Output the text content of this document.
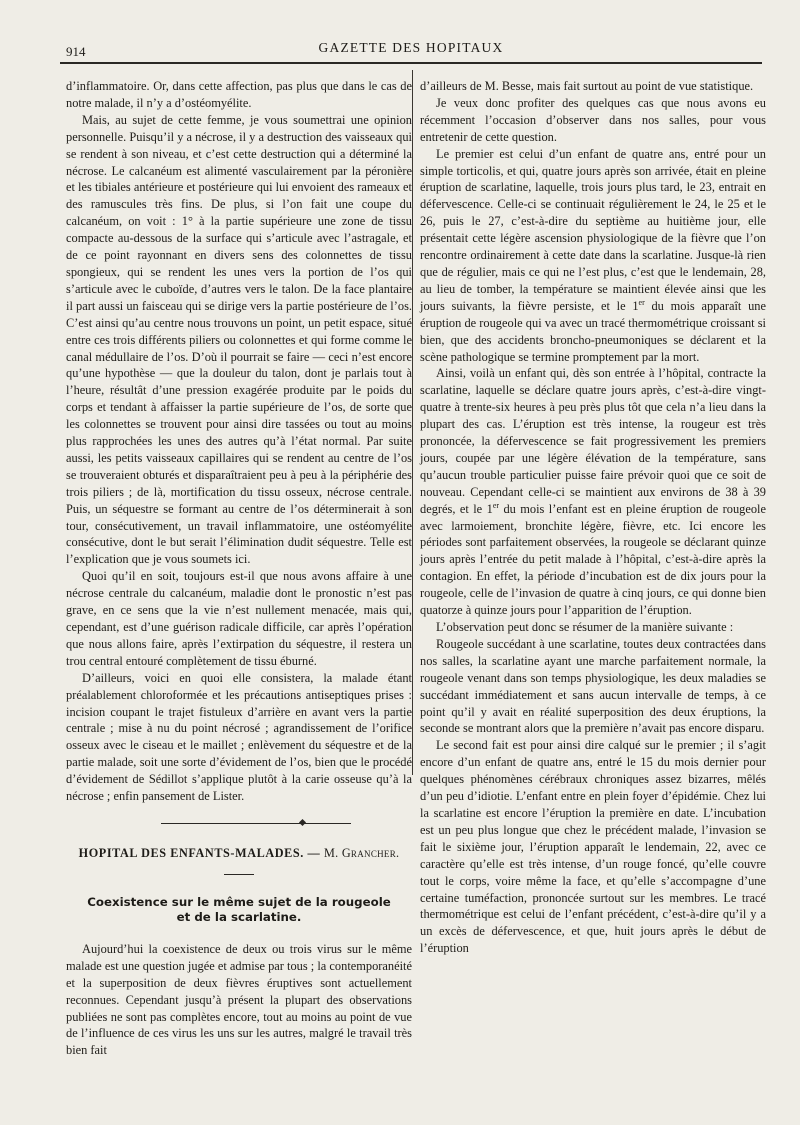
914	GAZETTE DES HOPITAUX

d’inflammatoire. Or, dans cette affection, pas plus que dans le cas de notre malade, il n’y a d’ostéomyélite.

Mais, au sujet de cette femme, je vous soumettrai une opinion personnelle. Puisqu’il y a nécrose, il y a destruction des vaisseaux qui se rendent à son niveau, et c’est cette destruction qui a déterminé la nécrose. Le calcanéum est alimenté vasculairement par la péronière et les tibiales antérieure et postérieure qui lui envoient des rameaux et des ramuscules très fins. De plus, si l’on fait une coupe du calcanéum, on voit : 1° à la partie supérieure une zone de tissu compacte au-dessous de la surface qui s’articule avec l’astragale, et de ce point rayonnant en divers sens des colonnettes de tissu spongieux, qui se rendent les unes vers la portion de l’os qui s’articule avec le cuboïde, d’autres vers le talon. De la face plantaire il part aussi un faisceau qui se dirige vers la partie postérieure de l’os. C’est ainsi qu’au centre nous trouvons un point, un petit espace, situé entre ces trois différents piliers ou colonnettes et qui forme comme le canal médullaire de l’os. D’où il pourrait se faire — ceci n’est encore qu’une hypothèse — que la douleur du talon, dont je parlais tout à l’heure, résultât d’une pression exagérée produite par le poids du corps et tendant à affaisser la partie supérieure de l’os, de sorte que les colonnettes se trouvent pour ainsi dire tassées ou tout au moins plus rapprochées les unes des autres qu’à l’état normal. Par suite aussi, les petits vaisseaux capillaires qui se rendent au centre de l’os se trouveraient obturés et disparaîtraient peu à peu à la périphérie des trois piliers ; de là, mortification du tissu osseux, nécrose centrale. Puis, un séquestre se formant au centre de l’os déterminerait à son tour, consécutivement, un travail inflammatoire, une ostéomyélite consécutive, dont le but serait l’élimination dudit séquestre. Telle est l’explication que je vous soumets ici.

Quoi qu’il en soit, toujours est-il que nous avons affaire à une nécrose centrale du calcanéum, maladie dont le pronostic n’est pas grave, en ce sens que la vie n’est nullement menacée, mais qui, cependant, est d’une guérison radicale difficile, car après l’opération que nous allons faire, après l’extirpation du séquestre, il restera un trou central entouré complètement de tissu éburné.

D’ailleurs, voici en quoi elle consistera, la malade étant préalablement chloroformée et les précautions antiseptiques prises : incision coupant le trajet fistuleux d’arrière en avant vers la partie centrale ; mise à nu du point nécrosé ; agrandissement de l’orifice osseux avec le ciseau et le maillet ; enlèvement du séquestre et de la partie malade, soit une sorte d’évidement de l’os, bien que le procédé d’évidement de Sédillot s’applique plutôt à la carie osseuse qu’à la nécrose ; enfin pansement de Lister.

HOPITAL DES ENFANTS-MALADES. — M. Grancher.
Coexistence sur le même sujet de la rougeole
et de la scarlatine.

Aujourd’hui la coexistence de deux ou trois virus sur le même malade est une question jugée et admise par tous ; la contemporanéité et la superposition de deux fièvres éruptives sont actuellement reconnues. Cependant jusqu’à présent la plupart des observations publiées ne sont pas complètes encore, tout au moins au point de vue de l’influence de ces virus les uns sur les autres, malgré le travail très bien fait

d’ailleurs de M. Besse, mais fait surtout au point de vue statistique.

Je veux donc profiter des quelques cas que nous avons eu récemment l’occasion d’observer dans nos salles, pour vous entretenir de cette question.

Le premier est celui d’un enfant de quatre ans, entré pour un simple torticolis, et qui, quatre jours après son arrivée, était en pleine éruption de scarlatine, laquelle, trois jours plus tard, le 23, entrait en défervescence. Celle-ci se continuait régulièrement le 24, le 25 et le 26, puis le 27, c’est-à-dire du septième au huitième jour, elle présentait cette légère ascension physiologique de la fièvre que l’on rencontre ordinairement à cette date dans la scarlatine. Jusque-là rien que de régulier, mais ce qui ne l’est plus, c’est que le lendemain, 28, au lieu de tomber, la température se maintient élevée ainsi que les jours suivants, la fièvre persiste, et le 1er du mois apparaît une éruption de rougeole qui va avec un tracé thermométrique croissant si bien, que des accidents broncho-pneumoniques se déclarent et la scène pathologique se termine promptement par la mort.

Ainsi, voilà un enfant qui, dès son entrée à l’hôpital, contracte la scarlatine, laquelle se déclare quatre jours après, c’est-à-dire vingt-quatre à trente-six heures à peu près plus tôt que cela n’a lieu dans la plupart des cas. L’éruption est très intense, la rougeur est très prononcée, la défervescence se fait progressivement les premiers jours, coupée par une légère élévation de la température, sans qu’aucun trouble particulier puisse faire prévoir quoi que ce soit de nouveau. Cependant celle-ci se maintient aux environs de 38 à 39 degrés, et le 1er du mois l’enfant est en pleine éruption de rougeole avec larmoiement, bronchite légère, fièvre, etc. Ici encore les périodes sont parfaitement observées, la rougeole se déclarant quinze jours après l’entrée du petit malade à l’hôpital, c’est-à-dire après la contagion. En effet, la période d’incubation est de dix jours pour la rougeole, celle de l’invasion de quatre à cinq jours, ce qui donne bien quatorze à quinze jours pour l’apparition de l’éruption.

L’observation peut donc se résumer de la manière suivante :

Rougeole succédant à une scarlatine, toutes deux contractées dans nos salles, la scarlatine ayant une marche parfaitement normale, la rougeole venant dans son temps physiologique, les deux maladies se succédant immédiatement et sans aucun intervalle de temps, à ce point qu’il y avait en réalité superposition des deux éruptions, la seconde se montrant alors que la première n’avait pas encore disparu.

Le second fait est pour ainsi dire calqué sur le premier ; il s’agit encore d’un enfant de quatre ans, entré le 15 du mois dernier pour quelques phénomènes cérébraux chroniques assez bizarres, mêlés d’un peu d’idiotie. L’enfant entre en plein foyer d’épidémie. Chez lui la scarlatine est encore l’éruption la première en date. L’incubation est un peu plus longue que chez le précédent malade, l’invasion se fait le sixième jour, l’éruption apparaît le lendemain, 22, avec ce caractère qu’elle est très intense, d’un rouge foncé, qu’elle couvre tout le corps, voire même la face, et qu’elle s’accompagne d’une certaine tuméfaction, prononcée surtout sur les membres. Le tracé thermométrique est celui de l’enfant précédent, c’est-à-dire qu’il y a un excès de défervescence, et que, huit jours après le début de l’éruption
